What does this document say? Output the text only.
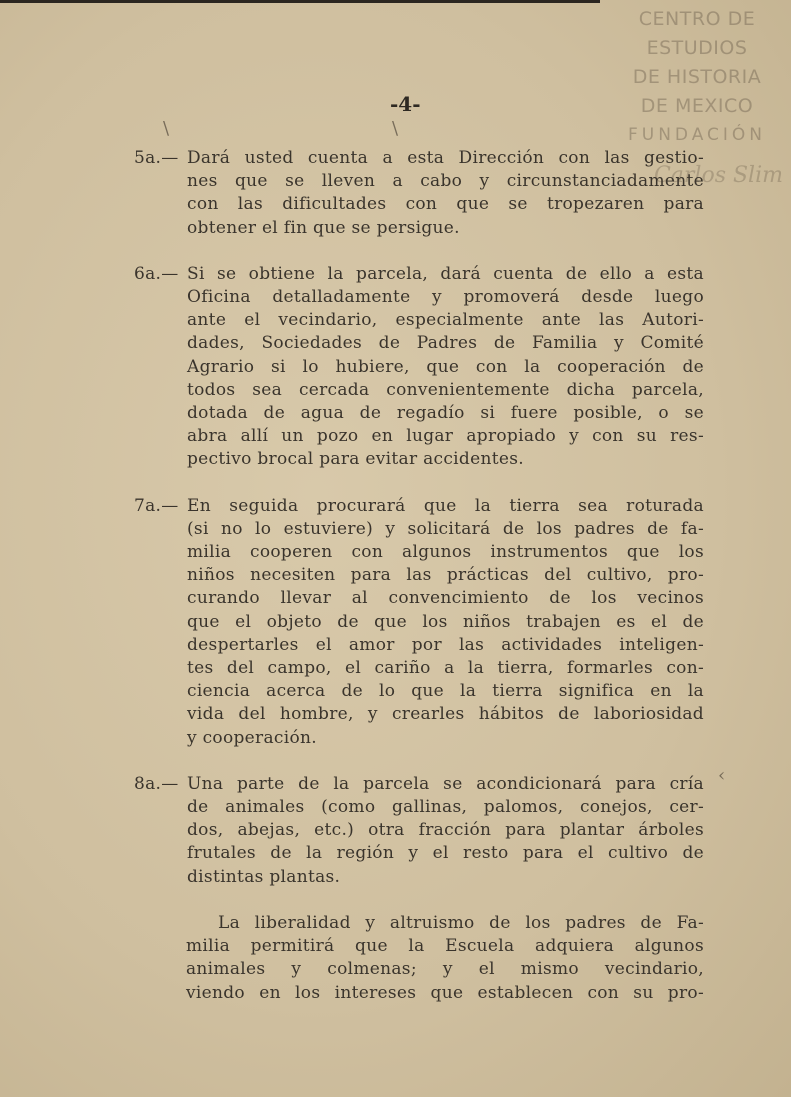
CENTRO DE
ESTUDIOS
DE HISTORIA
DE MEXICO
FUNDACIÓN
Carlos Slim
\	\
‹
-4-
5a.— Dará usted cuenta a esta Dirección con las gestio-
nes que se lleven a cabo y circunstanciadamente
con las dificultades con que se tropezaren para
obtener el fin que se persigue.
6a.— Si se obtiene la parcela, dará cuenta de ello a esta
Oficina detalladamente y promoverá desde luego
ante el vecindario, especialmente ante las Autori-
dades, Sociedades de Padres de Familia y Comité
Agrario si lo hubiere, que con la cooperación de
todos sea cercada convenientemente dicha parcela,
dotada de agua de regadío si fuere posible, o se
abra allí un pozo en lugar apropiado y con su res-
pectivo brocal para evitar accidentes.
7a.— En seguida procurará que la tierra sea roturada
(si no lo estuviere) y solicitará de los padres de fa-
milia cooperen con algunos instrumentos que los
niños necesiten para las prácticas del cultivo, pro-
curando llevar al convencimiento de los vecinos
que el objeto de que los niños trabajen es el de
despertarles el amor por las actividades inteligen-
tes del campo, el cariño a la tierra, formarles con-
ciencia acerca de lo que la tierra significa en la
vida del hombre, y crearles hábitos de laboriosidad
y cooperación.
8a.— Una parte de la parcela se acondicionará para cría
de animales (como gallinas, palomos, conejos, cer-
dos, abejas, etc.) otra fracción para plantar árboles
frutales de la región y el resto para el cultivo de
distintas plantas.
La liberalidad y altruismo de los padres de Fa-
milia permitirá que la Escuela adquiera algunos
animales y colmenas; y el mismo vecindario,
viendo en los intereses que establecen con su pro-
